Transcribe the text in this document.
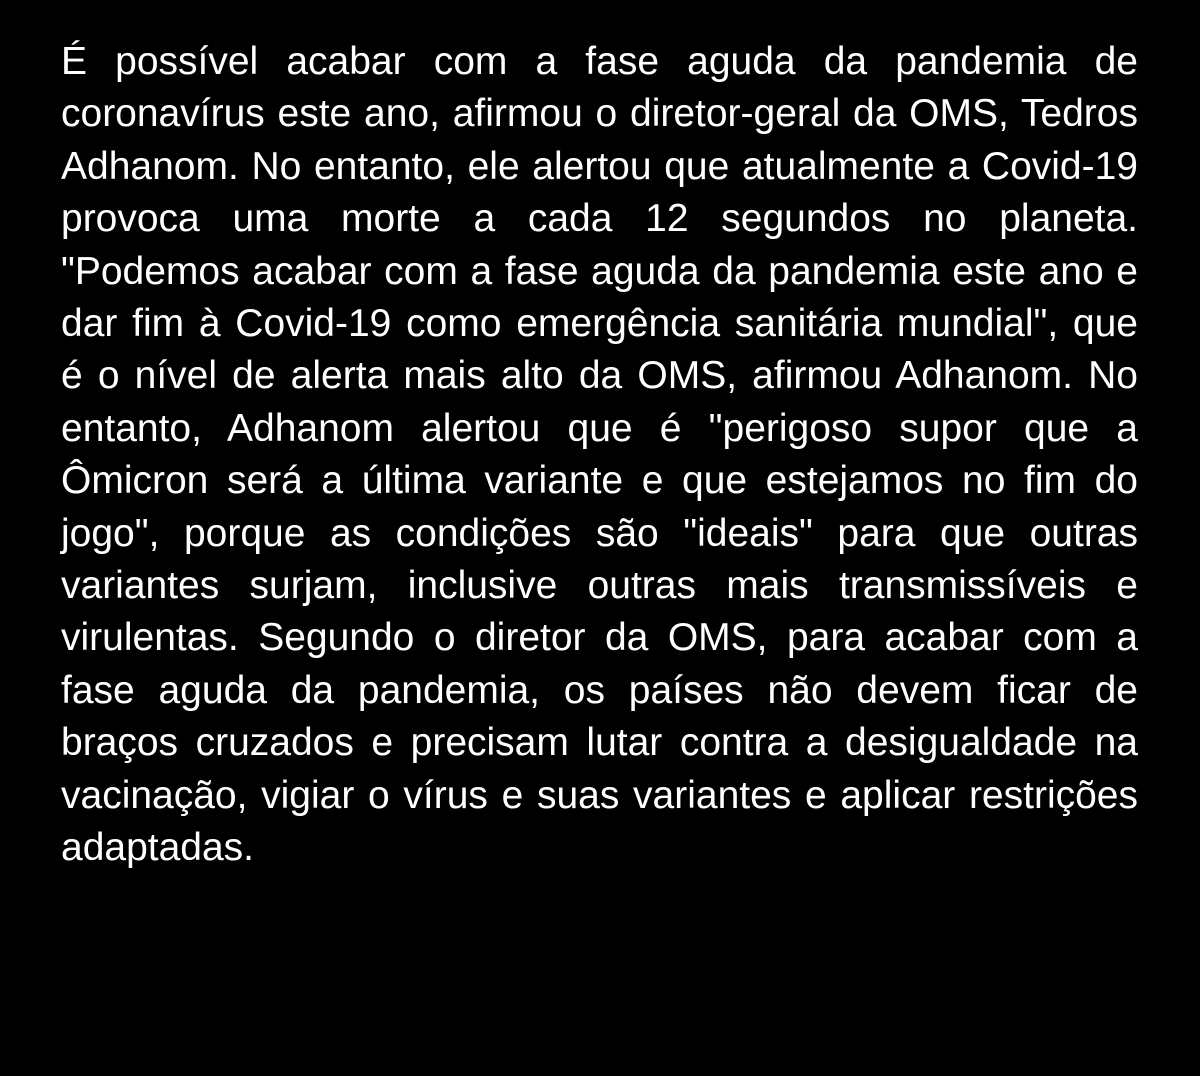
É possível acabar com a fase aguda da pandemia de coronavírus este ano, afirmou o diretor-geral da OMS, Tedros Adhanom. No entanto, ele alertou que atualmente a Covid-19 provoca uma morte a cada 12 segundos no planeta. "Podemos acabar com a fase aguda da pandemia este ano e dar fim à Covid-19 como emergência sanitária mundial", que é o nível de alerta mais alto da OMS, afirmou Adhanom. No entanto, Adhanom alertou que é "perigoso supor que a Ômicron será a última variante e que estejamos no fim do jogo", porque as condições são "ideais" para que outras variantes surjam, inclusive outras mais transmissíveis e virulentas. Segundo o diretor da OMS, para acabar com a fase aguda da pandemia, os países não devem ficar de braços cruzados e precisam lutar contra a desigualdade na vacinação, vigiar o vírus e suas variantes e aplicar restrições adaptadas.
